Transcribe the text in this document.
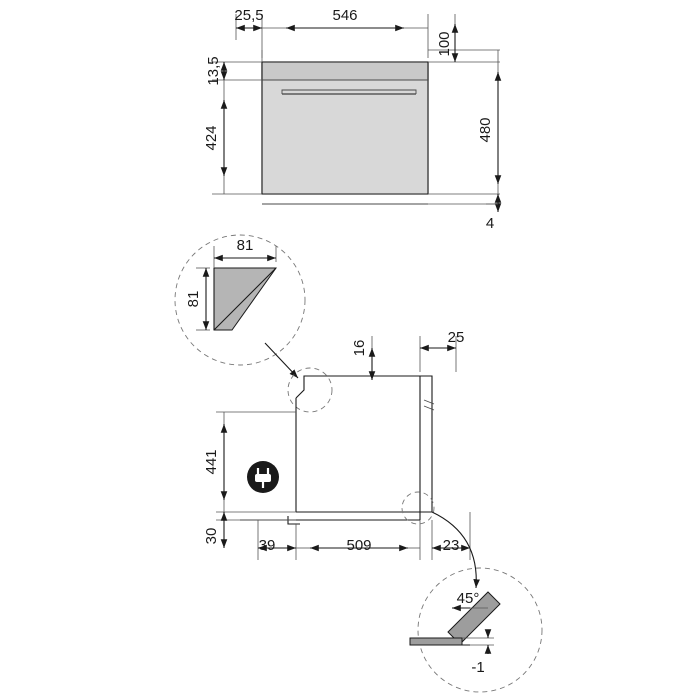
25,5	546
100
13,5
424	480
4
81
81
16
25
441
30
39	509	23
45°
-1
